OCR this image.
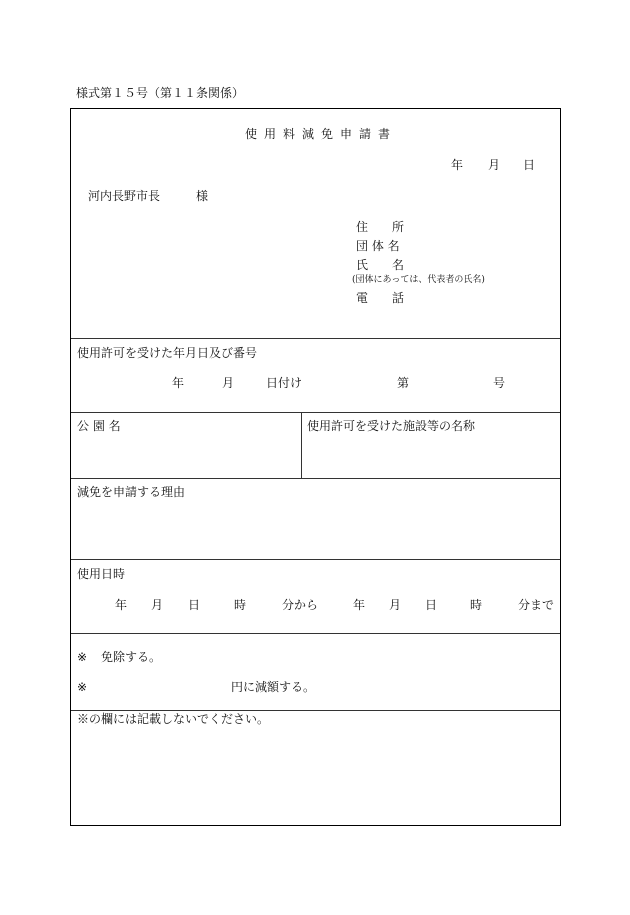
様式第１５号（第１１条関係）
使用料減免申請書
年 月 日
河内長野市長	様
住　　所
団 体 名
氏　　名
(団体にあっては、代表者の氏名)
電　　話
使用許可を受けた年月日及び番号
年	月	日付け	第	号
公 園 名	使用許可を受けた施設等の名称
減免を申請する理由
使用日時
年 月 日	時	分から	年 月 日	時	分まで
※ 免除する。
※	円に減額する。
※の欄には記載しないでください。
